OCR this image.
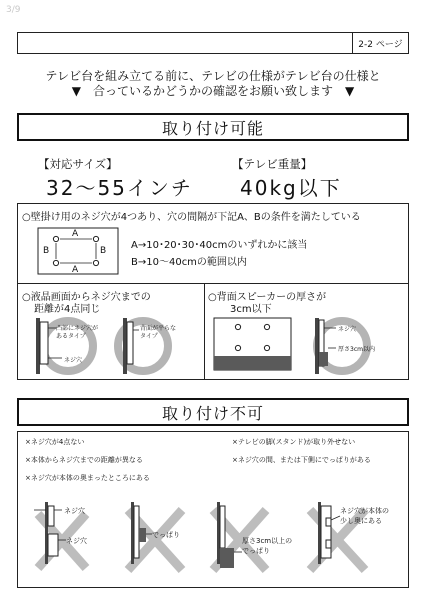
3/9
2-2 ページ
テレビ台を組み立てる前に、テレビの仕様がテレビ台の仕様と
▼　合っているかどうかの確認をお願い致します　▼
取り付け可能
【対応サイズ】
32～55インチ
【テレビ重量】
40kg以下
○壁掛け用のネジ穴が4つあり、穴の間隔が下記A、Bの条件を満たしている
A
A
B	B A→10･20･30･40cmのいずれかに該当
B→10～40cmの範囲以内
○液晶画面からネジ穴までの
距離が4点同じ
○背面スピーカーの厚さが
3cm以下
凸部にネジ穴が
あるタイプ
ネジ穴
背面が平らな
タイプ
ネジ穴
厚さ3cm以内
取り付け不可
×ネジ穴が4点ない
×本体からネジ穴までの距離が異なる
×ネジ穴が本体の奥まったところにある
×テレビの脚(スタンド)が取り外せない
×ネジ穴の間、または下側にでっぱりがある
ネジ穴
ネジ穴
でっぱり
厚さ3cm以上の
でっぱり
ネジ穴が本体の
少し奥にある
